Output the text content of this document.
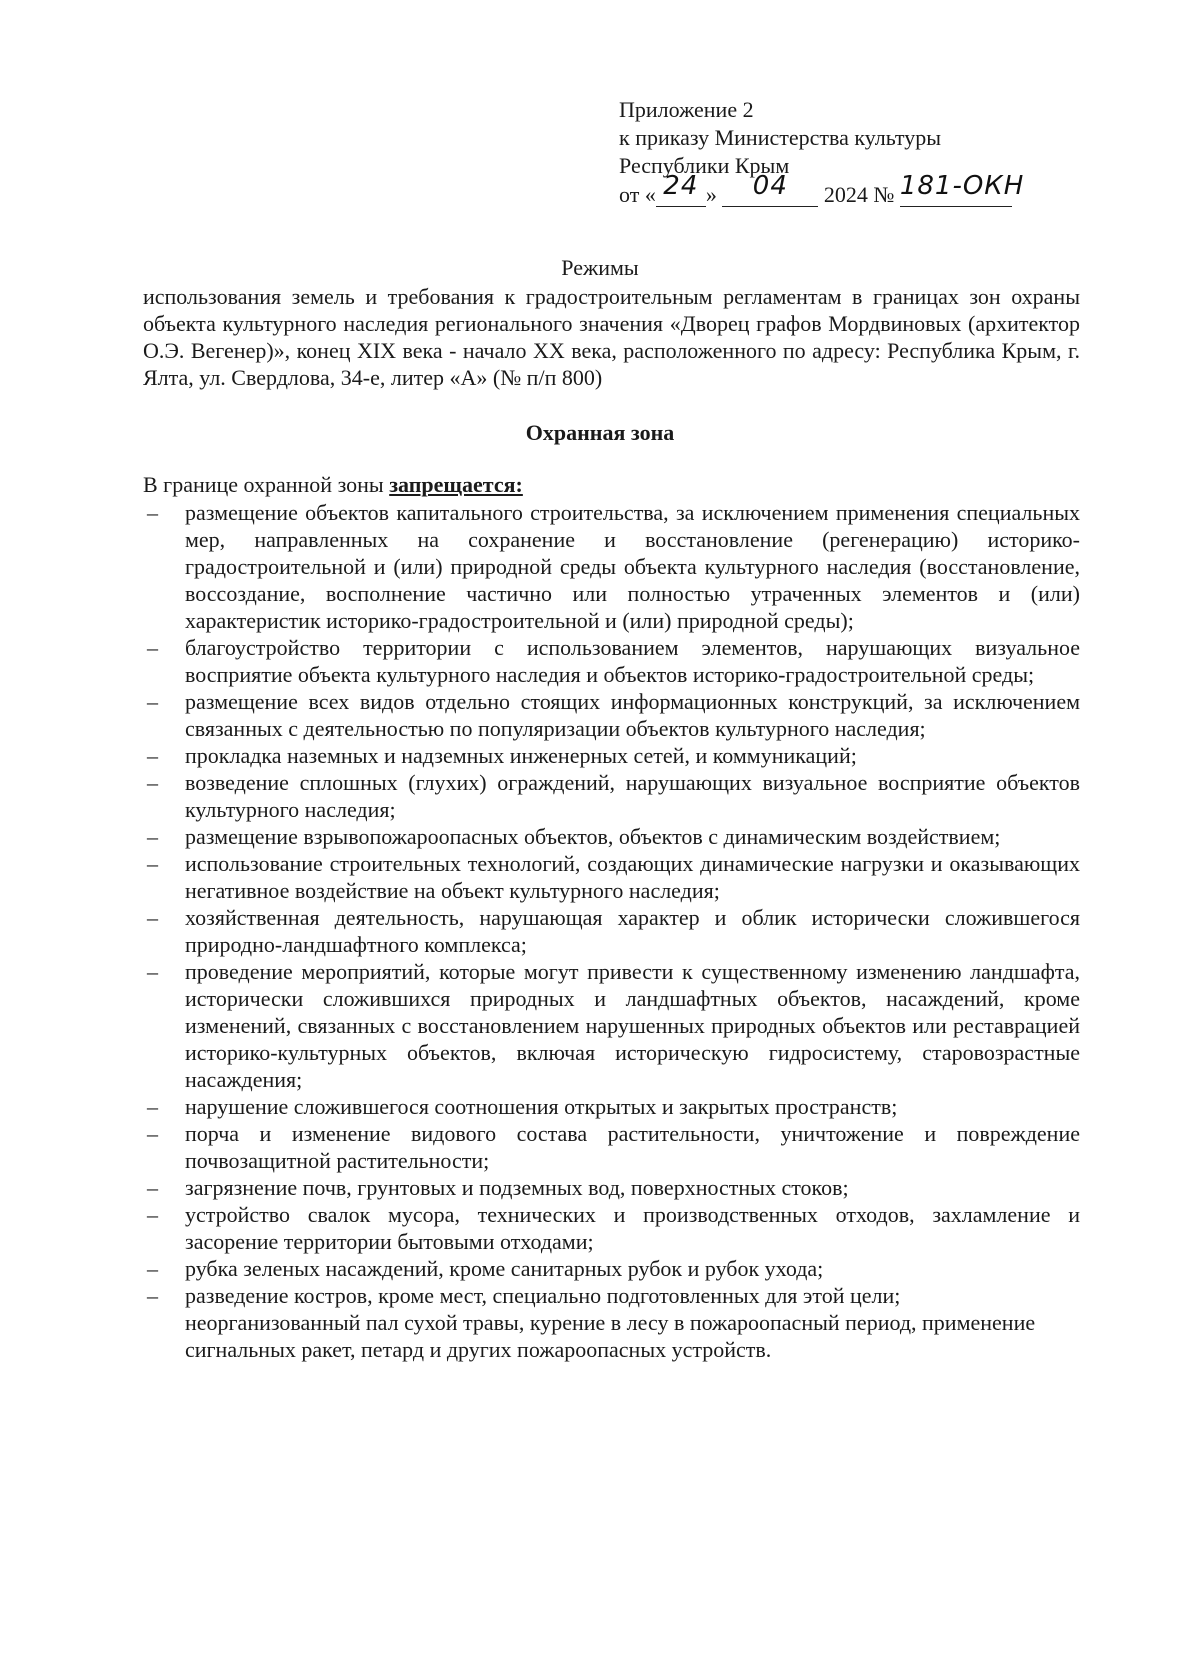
Приложение 2
к приказу Министерства культуры
Республики Крым
от « 24 » 04 2024 № 181-ОКН
Режимы
использования земель и требования к градостроительным регламентам в границах зон охраны объекта культурного наследия регионального значения «Дворец графов Мордвиновых (архитектор О.Э. Вегенер)», конец XIX века - начало XX века, расположенного по адресу: Республика Крым, г. Ялта, ул. Свердлова, 34-е, литер «А» (№ п/п 800)
Охранная зона
В границе охранной зоны запрещается:
– размещение объектов капитального строительства, за исключением применения специальных мер, направленных на сохранение и восстановление (регенерацию) историко-градостроительной и (или) природной среды объекта культурного наследия (восстановление, воссоздание, восполнение частично или полностью утраченных элементов и (или) характеристик историко-градостроительной и (или) природной среды);
– благоустройство территории с использованием элементов, нарушающих визуальное восприятие объекта культурного наследия и объектов историко-градостроительной среды;
– размещение всех видов отдельно стоящих информационных конструкций, за исключением связанных с деятельностью по популяризации объектов культурного наследия;
– прокладка наземных и надземных инженерных сетей, и коммуникаций;
– возведение сплошных (глухих) ограждений, нарушающих визуальное восприятие объектов культурного наследия;
– размещение взрывопожароопасных объектов, объектов с динамическим воздействием;
– использование строительных технологий, создающих динамические нагрузки и оказывающих негативное воздействие на объект культурного наследия;
– хозяйственная деятельность, нарушающая характер и облик исторически сложившегося природно-ландшафтного комплекса;
– проведение мероприятий, которые могут привести к существенному изменению ландшафта, исторически сложившихся природных и ландшафтных объектов, насаждений, кроме изменений, связанных с восстановлением нарушенных природных объектов или реставрацией историко-культурных объектов, включая историческую гидросистему, старовозрастные насаждения;
– нарушение сложившегося соотношения открытых и закрытых пространств;
– порча и изменение видового состава растительности, уничтожение и повреждение почвозащитной растительности;
– загрязнение почв, грунтовых и подземных вод, поверхностных стоков;
– устройство свалок мусора, технических и производственных отходов, захламление и засорение территории бытовыми отходами;
– рубка зеленых насаждений, кроме санитарных рубок и рубок ухода;
– разведение костров, кроме мест, специально подготовленных для этой цели; неорганизованный пал сухой травы, курение в лесу в пожароопасный период, применение сигнальных ракет, петард и других пожароопасных устройств.
